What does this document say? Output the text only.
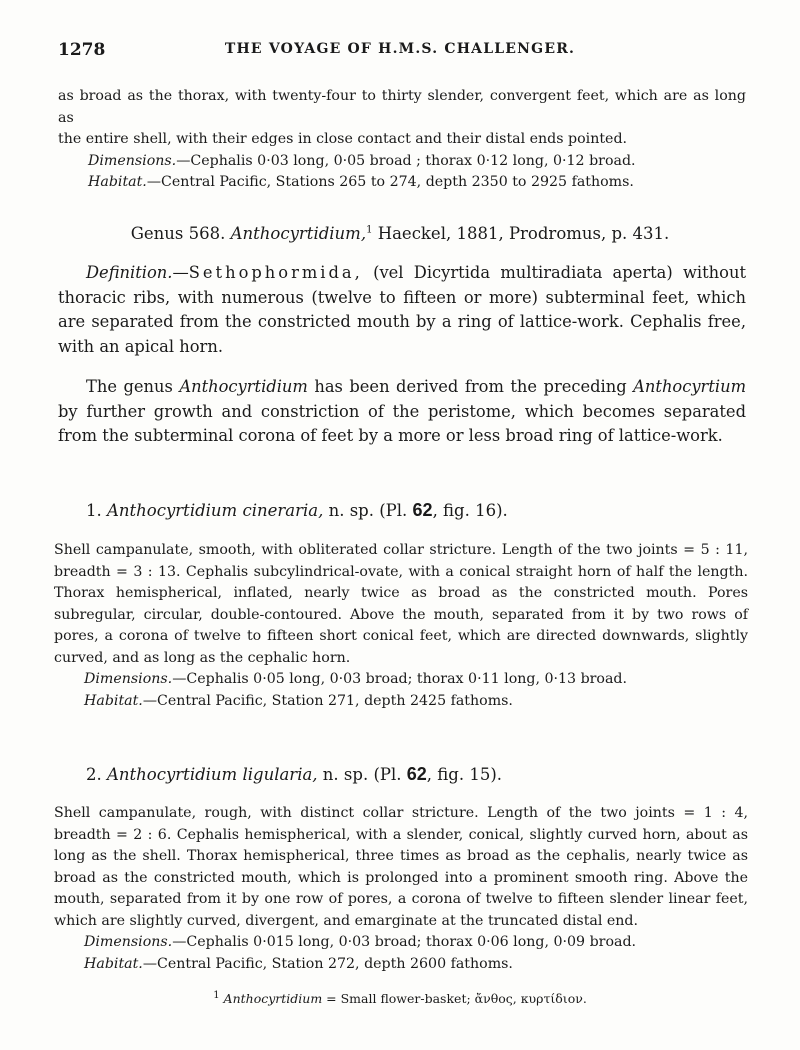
1278	THE VOYAGE OF H.M.S. CHALLENGER.

as broad as the thorax, with twenty-four to thirty slender, convergent feet, which are as long as

the entire shell, with their edges in close contact and their distal ends pointed.

Dimensions.—Cephalis 0·03 long, 0·05 broad ; thorax 0·12 long, 0·12 broad.

Habitat.—Central Pacific, Stations 265 to 274, depth 2350 to 2925 fathoms.

Genus 568. Anthocyrtidium,$^1$ Haeckel, 1881, Prodromus, p. 431.

Definition.—Sethophormida, (vel Dicyrtida multiradiata aperta) without thoracic ribs, with numerous (twelve to fifteen or more) subterminal feet, which are separated from the constricted mouth by a ring of lattice-work. Cephalis free, with an apical horn.

The genus Anthocyrtidium has been derived from the preceding Anthocyrtium by further growth and constriction of the peristome, which becomes separated from the subterminal corona of feet by a more or less broad ring of lattice-work.

1. Anthocyrtidium cineraria, n. sp. (Pl. 62, fig. 16).

Shell campanulate, smooth, with obliterated collar stricture. Length of the two joints = 5 : 11, breadth = 3 : 13. Cephalis subcylindrical-ovate, with a conical straight horn of half the length. Thorax hemispherical, inflated, nearly twice as broad as the constricted mouth. Pores subregular, circular, double-contoured. Above the mouth, separated from it by two rows of pores, a corona of twelve to fifteen short conical feet, which are directed downwards, slightly curved, and as long as the cephalic horn.

Dimensions.—Cephalis 0·05 long, 0·03 broad; thorax 0·11 long, 0·13 broad.

Habitat.—Central Pacific, Station 271, depth 2425 fathoms.

2. Anthocyrtidium ligularia, n. sp. (Pl. 62, fig. 15).

Shell campanulate, rough, with distinct collar stricture. Length of the two joints = 1 : 4, breadth = 2 : 6. Cephalis hemispherical, with a slender, conical, slightly curved horn, about as long as the shell. Thorax hemispherical, three times as broad as the cephalis, nearly twice as broad as the constricted mouth, which is prolonged into a prominent smooth ring. Above the mouth, separated from it by one row of pores, a corona of twelve to fifteen slender linear feet, which are slightly curved, divergent, and emarginate at the truncated distal end.

Dimensions.—Cephalis 0·015 long, 0·03 broad; thorax 0·06 long, 0·09 broad.

Habitat.—Central Pacific, Station 272, depth 2600 fathoms.

$^1$ Anthocyrtidium = Small flower-basket; ἄνθος, κυρτίδιον.
